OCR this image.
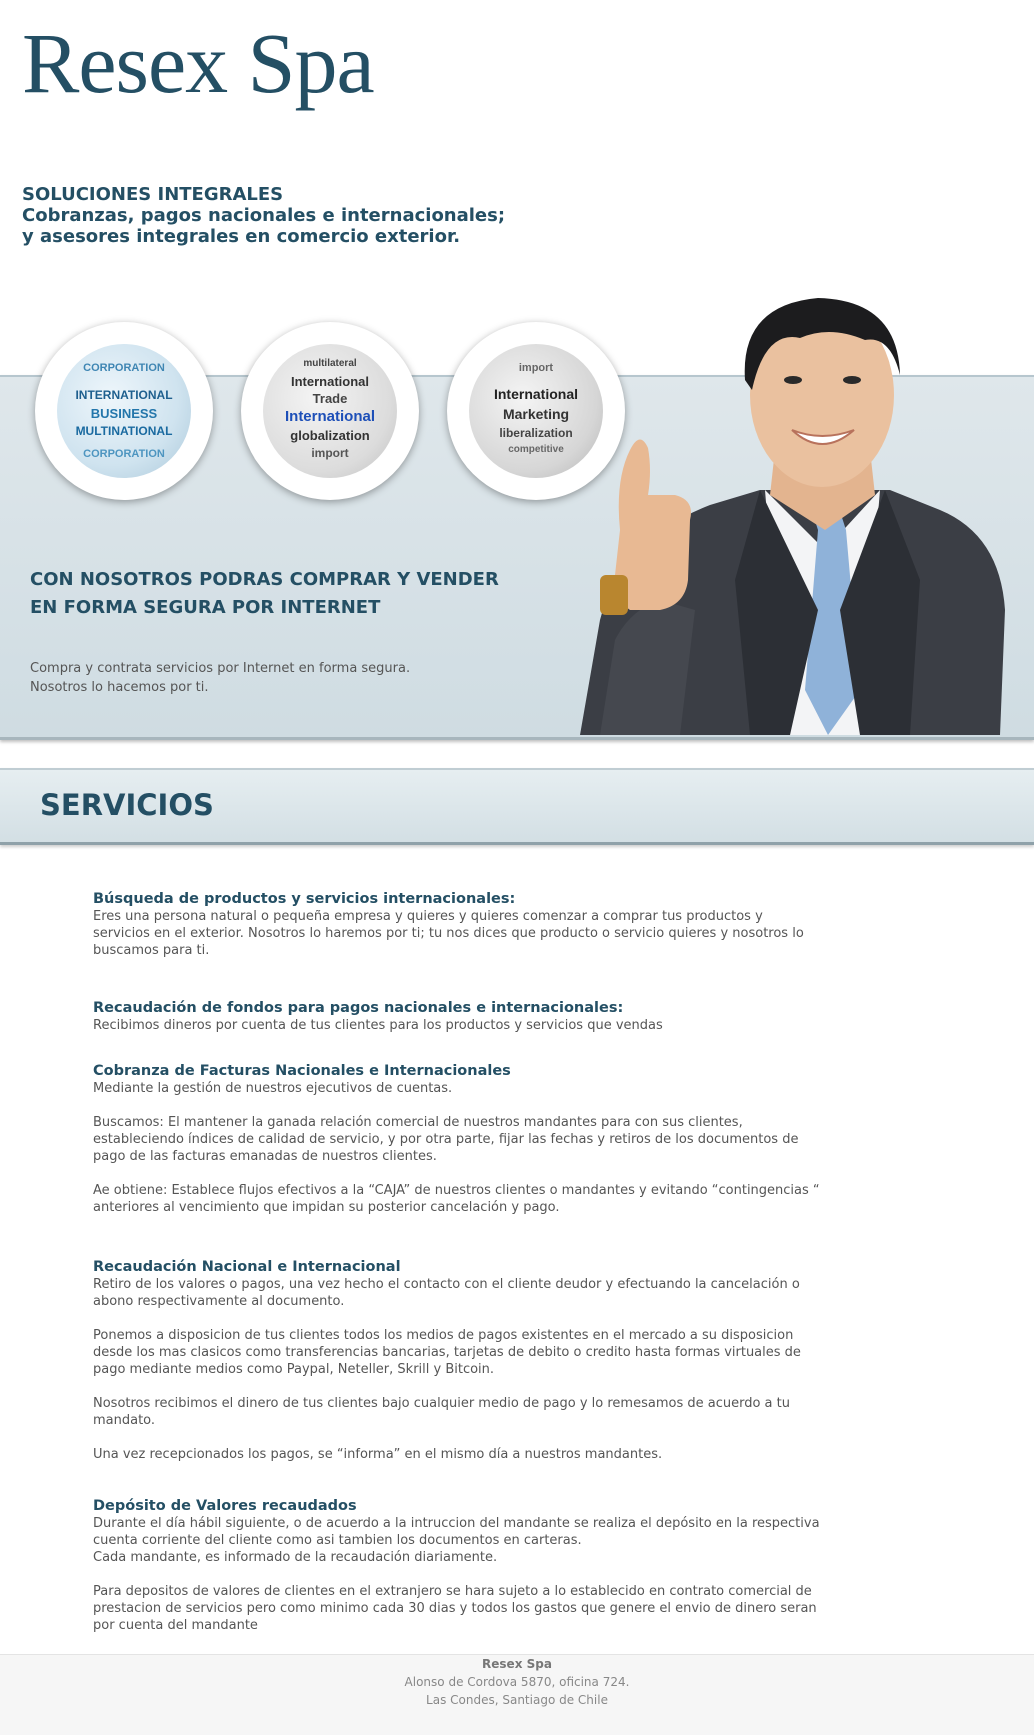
Resex Spa
SOLUCIONES INTEGRALES
Cobranzas, pagos nacionales e internacionales;
y asesores integrales en comercio exterior.
CORPORATION
INTERNATIONAL
BUSINESS
MULTINATIONAL
CORPORATION
multilateral
International
Trade
International
globalization
import
import
International
Marketing
liberalization
competitive
CON NOSOTROS PODRAS COMPRAR Y VENDER
EN FORMA SEGURA POR INTERNET
Compra y contrata servicios por Internet en forma segura.
Nosotros lo hacemos por ti.
SERVICIOS
Búsqueda de productos y servicios internacionales:

Eres una persona natural o pequeña empresa y quieres y quieres comenzar a comprar tus productos y servicios en el exterior. Nosotros lo haremos por ti; tu nos dices que producto o servicio quieres y nosotros lo buscamos para ti.

Recaudación de fondos para pagos nacionales e internacionales:

Recibimos dineros por cuenta de tus clientes para los productos y servicios que vendas

Cobranza de Facturas Nacionales e Internacionales

Mediante la gestión de nuestros ejecutivos de cuentas.

Buscamos: El mantener la ganada relación comercial de nuestros mandantes para con sus clientes, estableciendo índices de calidad de servicio, y por otra parte, fijar las fechas y retiros de los documentos de pago de las facturas emanadas de nuestros clientes.

Ae obtiene: Establece flujos efectivos a la “CAJA” de nuestros clientes o mandantes y evitando “contingencias “ anteriores al vencimiento que impidan su posterior cancelación y pago.

Recaudación Nacional e Internacional

Retiro de los valores o pagos, una vez hecho el contacto con el cliente deudor y efectuando la cancelación o abono respectivamente al documento.

Ponemos a disposicion de tus clientes todos los medios de pagos existentes en el mercado a su disposicion desde los mas clasicos como transferencias bancarias, tarjetas de debito o credito hasta formas virtuales de pago mediante medios como Paypal, Neteller, Skrill y Bitcoin.

Nosotros recibimos el dinero de tus clientes bajo cualquier medio de pago y lo remesamos de acuerdo a tu mandato.

Una vez recepcionados los pagos, se “informa” en el mismo día a nuestros mandantes.

Depósito de Valores recaudados

Durante el día hábil siguiente, o de acuerdo a la intruccion del mandante se realiza el depósito en la respectiva cuenta corriente del cliente como asi tambien los documentos en carteras.
Cada mandante, es informado de la recaudación diariamente.

Para depositos de valores de clientes en el extranjero se hara sujeto a lo establecido en contrato comercial de prestacion de servicios pero como minimo cada 30 dias y todos los gastos que genere el envio de dinero seran por cuenta del mandante

Resex Spa
Alonso de Cordova 5870, oficina 724.
Las Condes, Santiago de Chile
